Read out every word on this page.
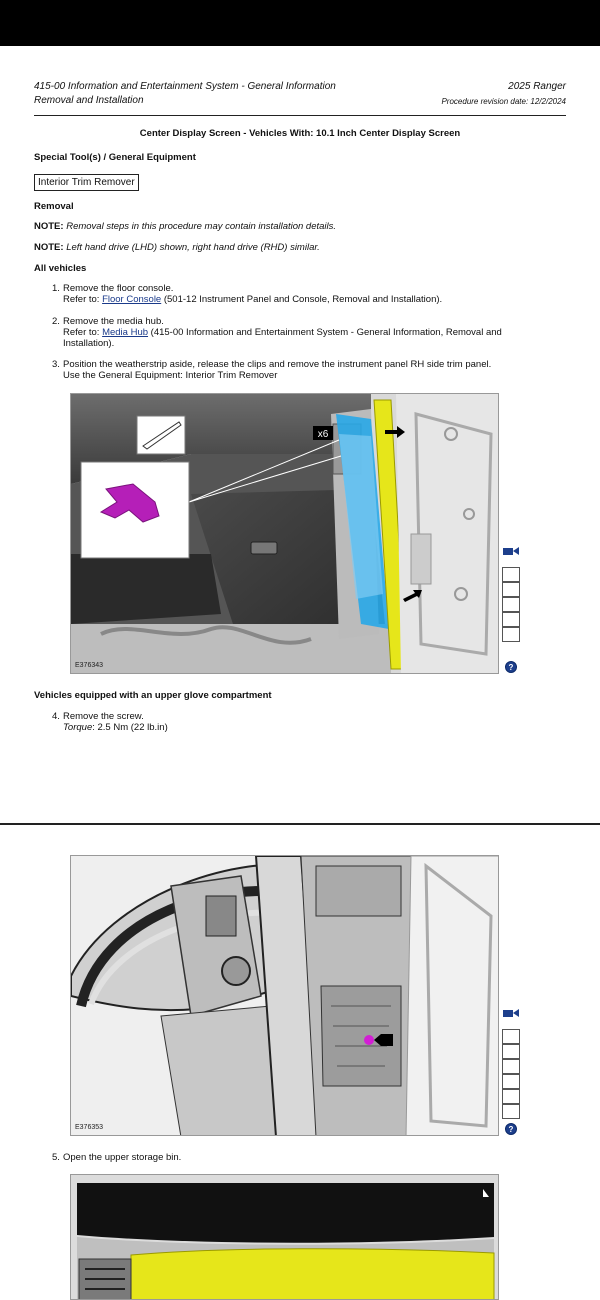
415-00 Information and Entertainment System - General Information
Removal and Installation
2025 Ranger
Procedure revision date: 12/2/2024
Center Display Screen - Vehicles With: 10.1 Inch Center Display Screen
Special Tool(s) / General Equipment
Interior Trim Remover
Removal
NOTE: Removal steps in this procedure may contain installation details.
NOTE: Left hand drive (LHD) shown, right hand drive (RHD) similar.
All vehicles
1. Remove the floor console.
Refer to: Floor Console (501-12 Instrument Panel and Console, Removal and Installation).
2. Remove the media hub.
Refer to: Media Hub (415-00 Information and Entertainment System - General Information, Removal and Installation).
3. Position the weatherstrip aside, release the clips and remove the instrument panel RH side trim panel.
Use the General Equipment: Interior Trim Remover
x6
E376343	?
Vehicles equipped with an upper glove compartment
4. Remove the screw.
Torque: 2.5 Nm (22 lb.in)
E376353	?
5. Open the upper storage bin.
